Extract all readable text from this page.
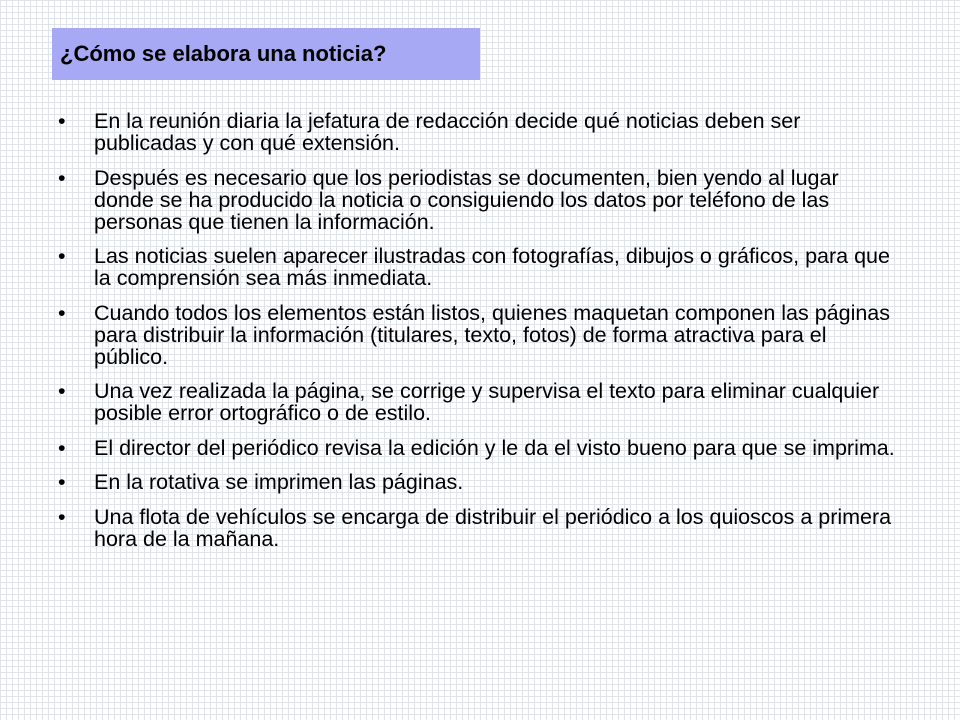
¿Cómo se elabora una noticia?
•	En la reunión diaria la jefatura de redacción decide qué noticias deben ser publicadas y con qué extensión.
•	Después es necesario que los periodistas se documenten, bien yendo al lugar donde se ha producido la noticia o consiguiendo los datos por teléfono de las personas que tienen la información.
•	Las noticias suelen aparecer ilustradas con fotografías, dibujos o gráficos, para que la comprensión sea más inmediata.
•	Cuando todos los elementos están listos, quienes maquetan componen las páginas para distribuir la información (titulares, texto, fotos) de forma atractiva para el público.
•	Una vez realizada la página, se corrige y supervisa el texto para eliminar cualquier posible error ortográfico o de estilo.
•	El director del periódico revisa la edición y le da el visto bueno para que se imprima.
•	En la rotativa se imprimen las páginas.
•	Una flota de vehículos se encarga de distribuir el periódico a los quioscos a primera hora de la mañana.
